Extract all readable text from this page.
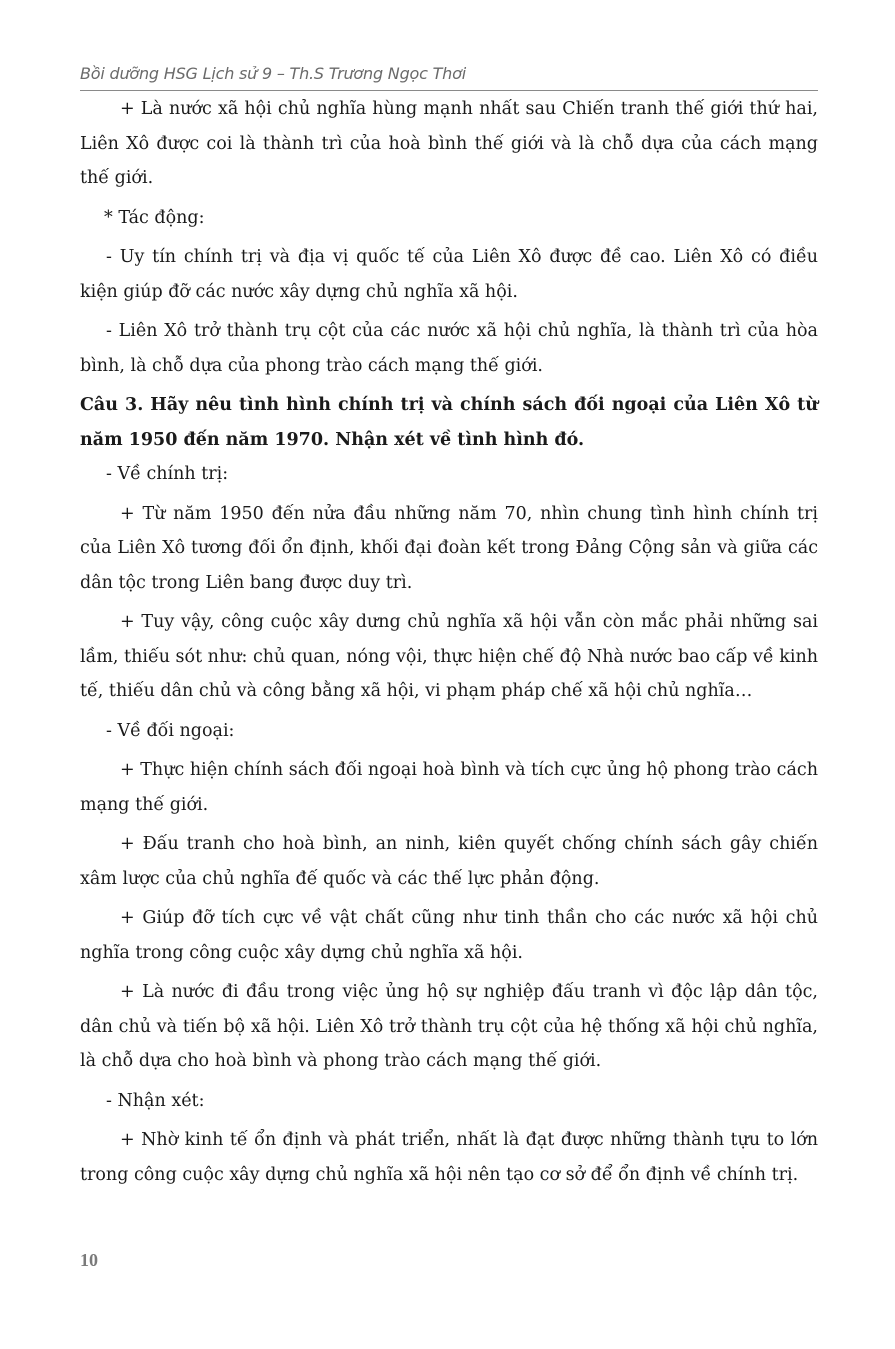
Bồi dưỡng HSG Lịch sử 9 – Th.S Trương Ngọc Thơi

+ Là nước xã hội chủ nghĩa hùng mạnh nhất sau Chiến tranh thế giới thứ hai, Liên Xô được coi là thành trì của hoà bình thế giới và là chỗ dựa của cách mạng thế giới.

* Tác động:

- Uy tín chính trị và địa vị quốc tế của Liên Xô được đề cao. Liên Xô có điều kiện giúp đỡ các nước xây dựng chủ nghĩa xã hội.

- Liên Xô trở thành trụ cột của các nước xã hội chủ nghĩa, là thành trì của hòa bình, là chỗ dựa của phong trào cách mạng thế giới.

Câu 3. Hãy nêu tình hình chính trị và chính sách đối ngoại của Liên Xô từ năm 1950 đến năm 1970. Nhận xét về tình hình đó.

- Về chính trị:

+ Từ năm 1950 đến nửa đầu những năm 70, nhìn chung tình hình chính trị của Liên Xô tương đối ổn định, khối đại đoàn kết trong Đảng Cộng sản và giữa các dân tộc trong Liên bang được duy trì.

+ Tuy vậy, công cuộc xây dưng chủ nghĩa xã hội vẫn còn mắc phải những sai lầm, thiếu sót như: chủ quan, nóng vội, thực hiện chế độ Nhà nước bao cấp về kinh tế, thiếu dân chủ và công bằng xã hội, vi phạm pháp chế xã hội chủ nghĩa…

- Về đối ngoại:

+ Thực hiện chính sách đối ngoại hoà bình và tích cực ủng hộ phong trào cách mạng thế giới.

+ Đấu tranh cho hoà bình, an ninh, kiên quyết chống chính sách gây chiến xâm lược của chủ nghĩa đế quốc và các thế lực phản động.

+ Giúp đỡ tích cực về vật chất cũng như tinh thần cho các nước xã hội chủ nghĩa trong công cuộc xây dựng chủ nghĩa xã hội.

+ Là nước đi đầu trong việc ủng hộ sự nghiệp đấu tranh vì độc lập dân tộc, dân chủ và tiến bộ xã hội. Liên Xô trở thành trụ cột của hệ thống xã hội chủ nghĩa, là chỗ dựa cho hoà bình và phong trào cách mạng thế giới.

- Nhận xét:

+ Nhờ kinh tế ổn định và phát triển, nhất là đạt được những thành tựu to lớn trong công cuộc xây dựng chủ nghĩa xã hội nên tạo cơ sở để ổn định về chính trị.

10
